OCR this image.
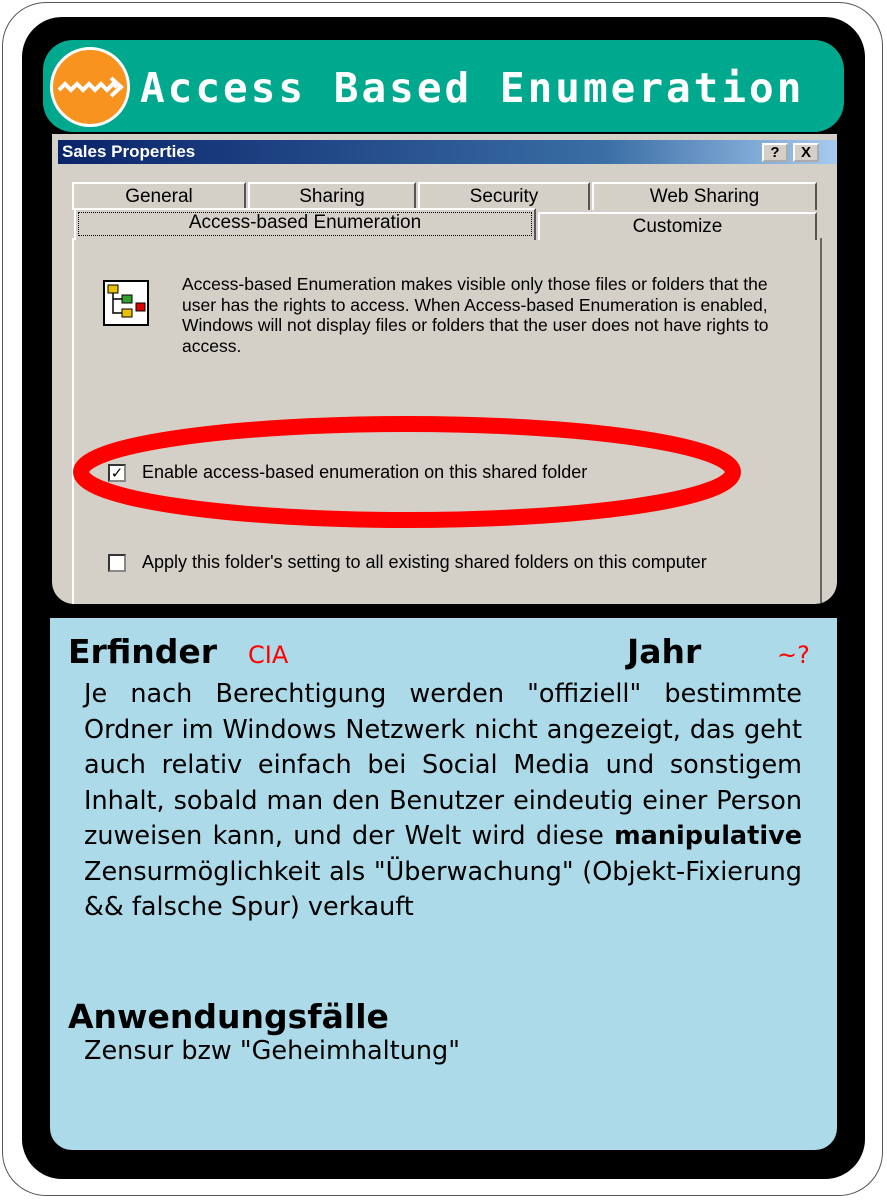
Access Based Enumeration
Sales Properties	?	X
General	Sharing	Security	Web Sharing
Access-based Enumeration	Customize
Access-based Enumeration makes visible only those files or folders that the user has the rights to access. When Access-based Enumeration is enabled, Windows will not display files or folders that the user does not have rights to access.
✓ Enable access-based enumeration on this shared folder
Apply this folder's setting to all existing shared folders on this computer
Erfinder CIA	Jahr	~?
Je nach Berechtigung werden "offiziell" bestimmte Ordner im Windows Netzwerk nicht angezeigt, das geht auch relativ einfach bei Social Media und sonstigem Inhalt, sobald man den Benutzer eindeutig einer Person zuweisen kann, und der Welt wird diese manipulative Zensurmöglichkeit als "Überwachung" (Objekt-Fixierung && falsche Spur) verkauft
Anwendungsfälle
Zensur bzw "Geheimhaltung"
